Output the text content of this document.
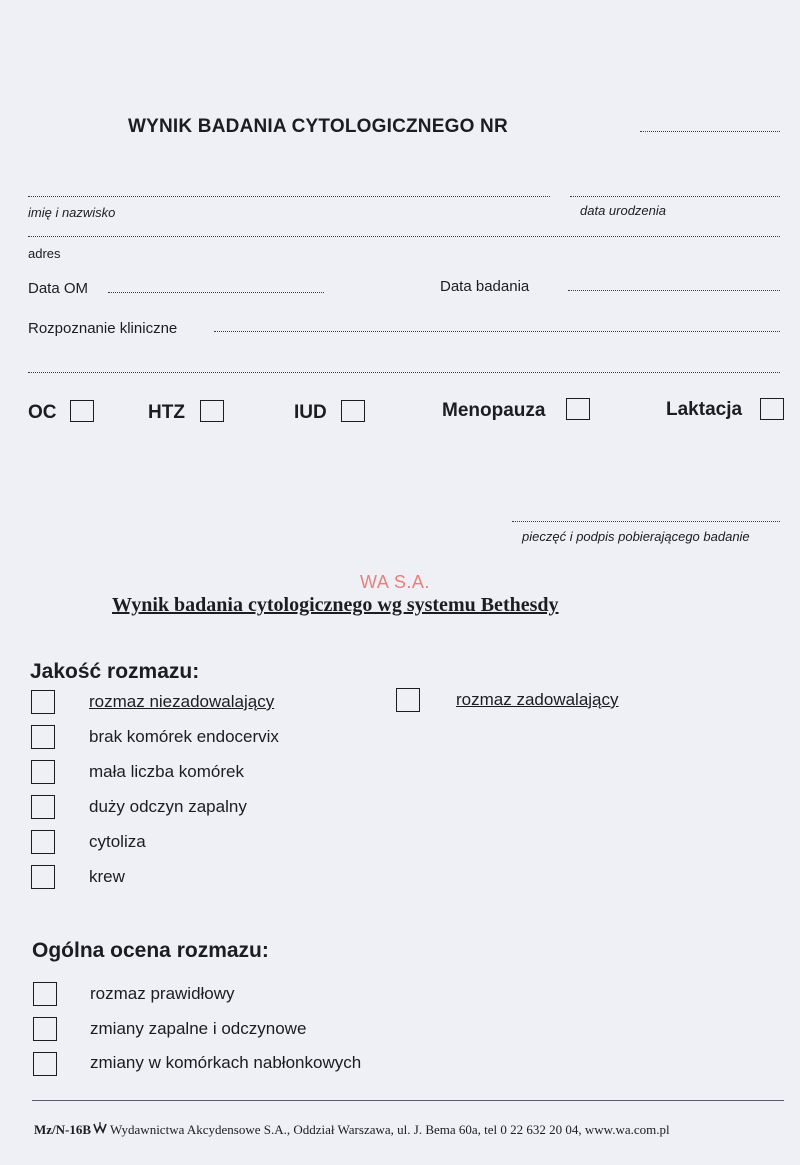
WYNIK BADANIA CYTOLOGICZNEGO NR
imię i nazwisko	data urodzenia
adres
Data OM	Data badania
Rozpoznanie kliniczne
OC	HTZ	IUD	Menopauza	Laktacja
pieczęć i podpis pobierającego badanie
WA S.A.
Wynik badania cytologicznego wg systemu Bethesdy
Jakość rozmazu:
rozmaz niezadowalający	rozmaz zadowalający
brak komórek endocervix
mała liczba komórek
duży odczyn zapalny
cytoliza
krew
Ogólna ocena rozmazu:
rozmaz prawidłowy
zmiany zapalne i odczynowe
zmiany w komórkach nabłonkowych
Mz/N-16B Wydawnictwa Akcydensowe S.A., Oddział Warszawa, ul. J. Bema 60a, tel 0 22 632 20 04, www.wa.com.pl
